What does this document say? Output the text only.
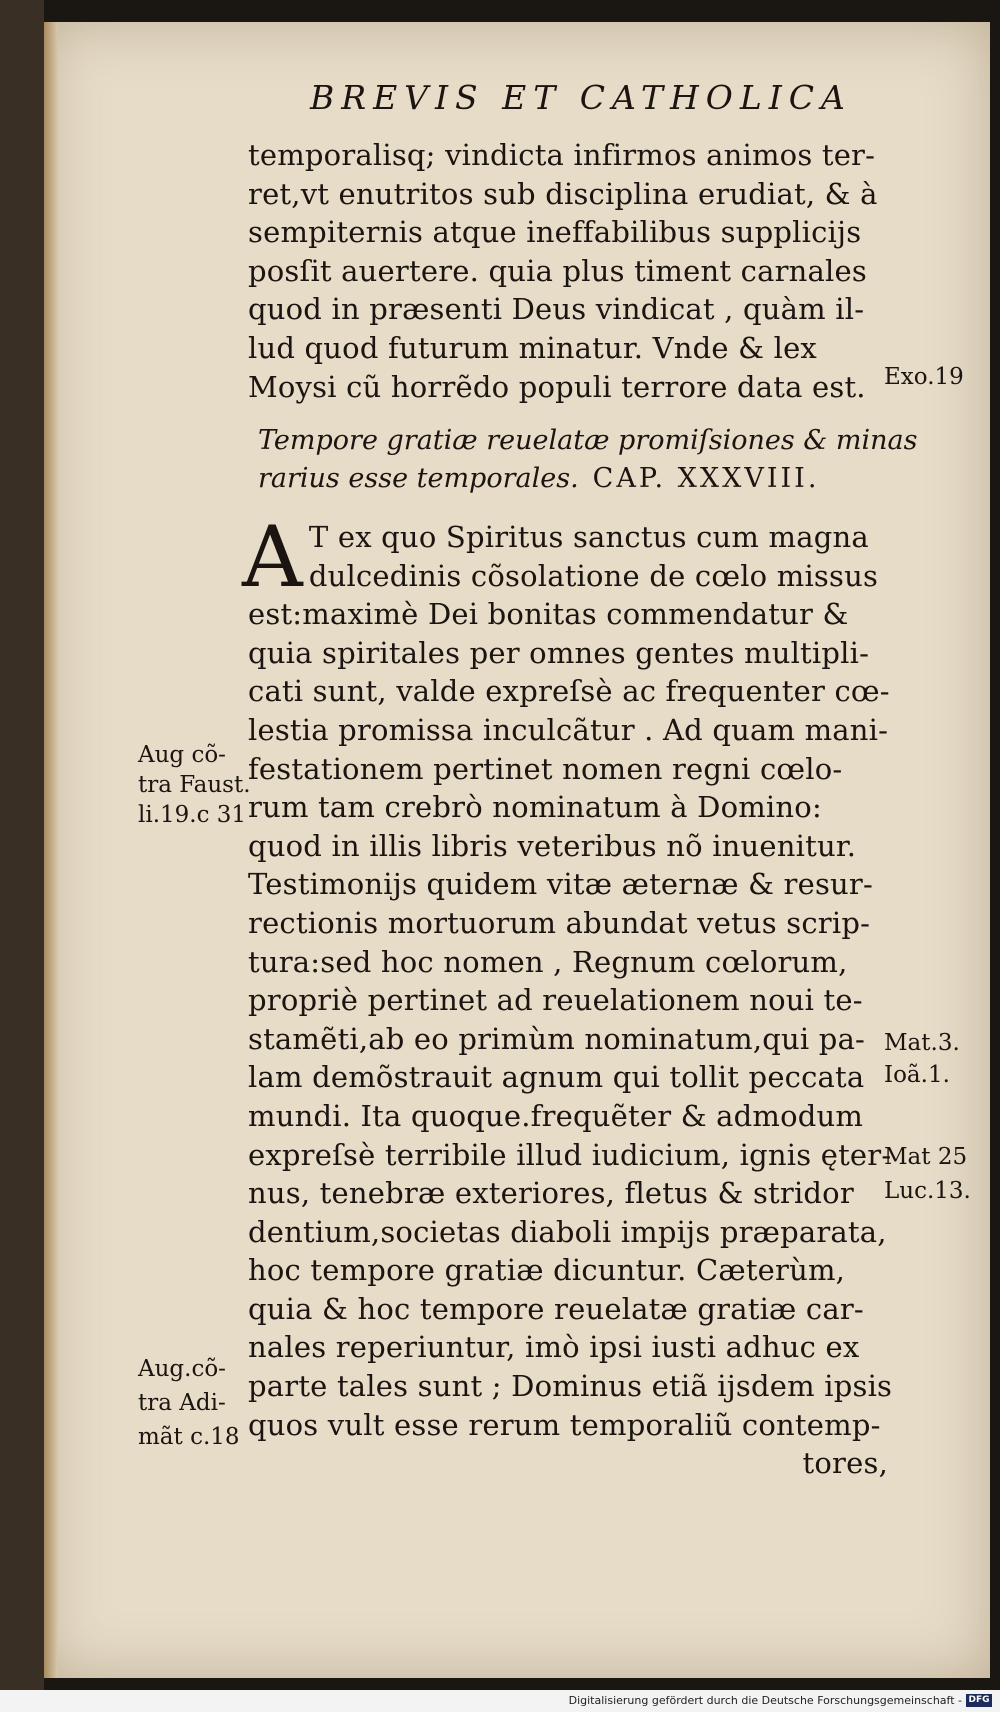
BREVIS ET CATHOLICA
temporalisq; vindicta infirmos animos ter-
ret,vt enutritos sub disciplina erudiat, & à
sempiternis atque ineffabilibus supplicijs
posſit auertere. quia plus timent carnales
quod in præsenti Deus vindicat , quàm il-
lud quod futurum minatur. Vnde & lex
Moysi cũ horrẽdo populi terrore data est.
Tempore gratiæ reuelatæ promiſsiones & minas
rarius esse temporales. CAP. XXXVIII.
A T ex quo Spiritus sanctus cum magna
dulcedinis cõsolatione de cœlo missus
est:maximè Dei bonitas commendatur &
quia spiritales per omnes gentes multipli-
cati sunt, valde expreſsè ac frequenter cœ-
lestia promissa inculcãtur . Ad quam mani-
festationem pertinet nomen regni cœlo-
rum tam crebrò nominatum à Domino:
quod in illis libris veteribus nõ inuenitur.
Testimonijs quidem vitæ æternæ & resur-
rectionis mortuorum abundat vetus scrip-
tura:sed hoc nomen , Regnum cœlorum,
propriè pertinet ad reuelationem noui te-
stamẽti,ab eo primùm nominatum,qui pa-
lam demõstrauit agnum qui tollit peccata
mundi. Ita quoque.frequẽter & admodum
expreſsè terribile illud iudicium, ignis ęter-
nus, tenebræ exteriores, fletus & stridor
dentium,societas diaboli impijs præparata,
hoc tempore gratiæ dicuntur. Cæterùm,
quia & hoc tempore reuelatæ gratiæ car-
nales reperiuntur, imò ipsi iusti adhuc ex
parte tales sunt ; Dominus etiã ijsdem ipsis
quos vult esse rerum temporaliũ contemp-
tores,
Exo.19
Aug cõ-
tra Faust.
li.19.c 31
Mat.3.
Ioã.1.
Mat 25
Luc.13.
Aug.cõ-
tra Adi-
mãt c.18
Digitalisierung gefördert durch die Deutsche Forschungsgemeinschaft - DFG
